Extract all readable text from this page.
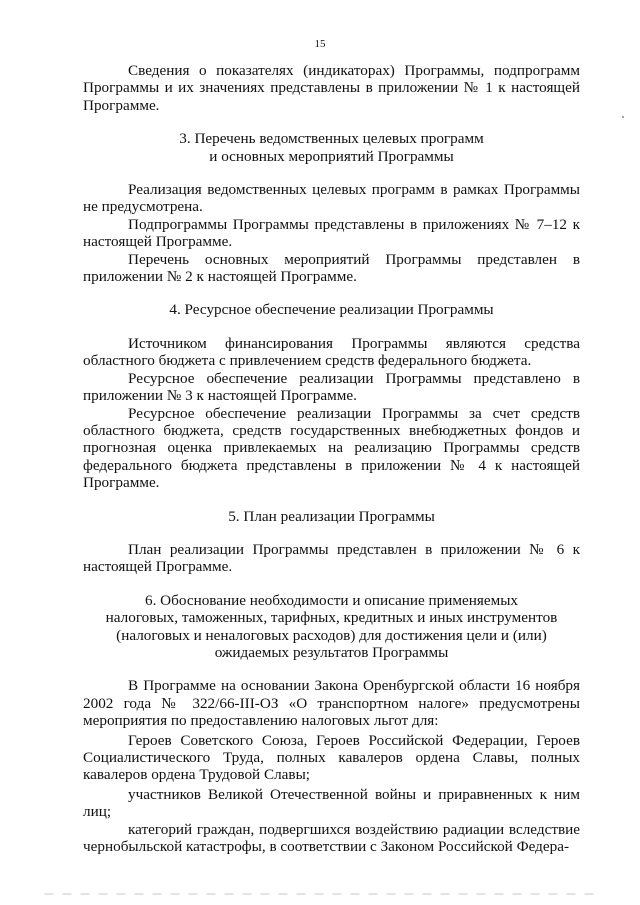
15

Сведения о показателях (индикаторах) Программы, подпрограмм Программы и их значениях представлены в приложении № 1 к настоящей Программе.

3. Перечень ведомственных целевых программ
и основных мероприятий Программы

Реализация ведомственных целевых программ в рамках Программы не предусмотрена.

Подпрограммы Программы представлены в приложениях № 7–12 к настоящей Программе.

Перечень основных мероприятий Программы представлен в приложении № 2 к настоящей Программе.

4. Ресурсное обеспечение реализации Программы

Источником финансирования Программы являются средства областного бюджета с привлечением средств федерального бюджета.

Ресурсное обеспечение реализации Программы представлено в приложении № 3 к настоящей Программе.

Ресурсное обеспечение реализации Программы за счет средств областного бюджета, средств государственных внебюджетных фондов и прогнозная оценка привлекаемых на реализацию Программы средств федерального бюджета представлены в приложении № 4 к настоящей Программе.

5. План реализации Программы

План реализации Программы представлен в приложении № 6 к настоящей Программе.

6. Обоснование необходимости и описание применяемых
налоговых, таможенных, тарифных, кредитных и иных инструментов
(налоговых и неналоговых расходов) для достижения цели и (или)
ожидаемых результатов Программы

В Программе на основании Закона Оренбургской области 16 ноября 2002 года № 322/66-III-ОЗ «О транспортном налоге» предусмотрены мероприятия по предоставлению налоговых льгот для:

Героев Советского Союза, Героев Российской Федерации, Героев Социалистического Труда, полных кавалеров ордена Славы, полных кавалеров ордена Трудовой Славы;

участников Великой Отечественной войны и приравненных к ним лиц;

категорий граждан, подвергшихся воздействию радиации вследствие чернобыльской катастрофы, в соответствии с Законом Российской Федера-
